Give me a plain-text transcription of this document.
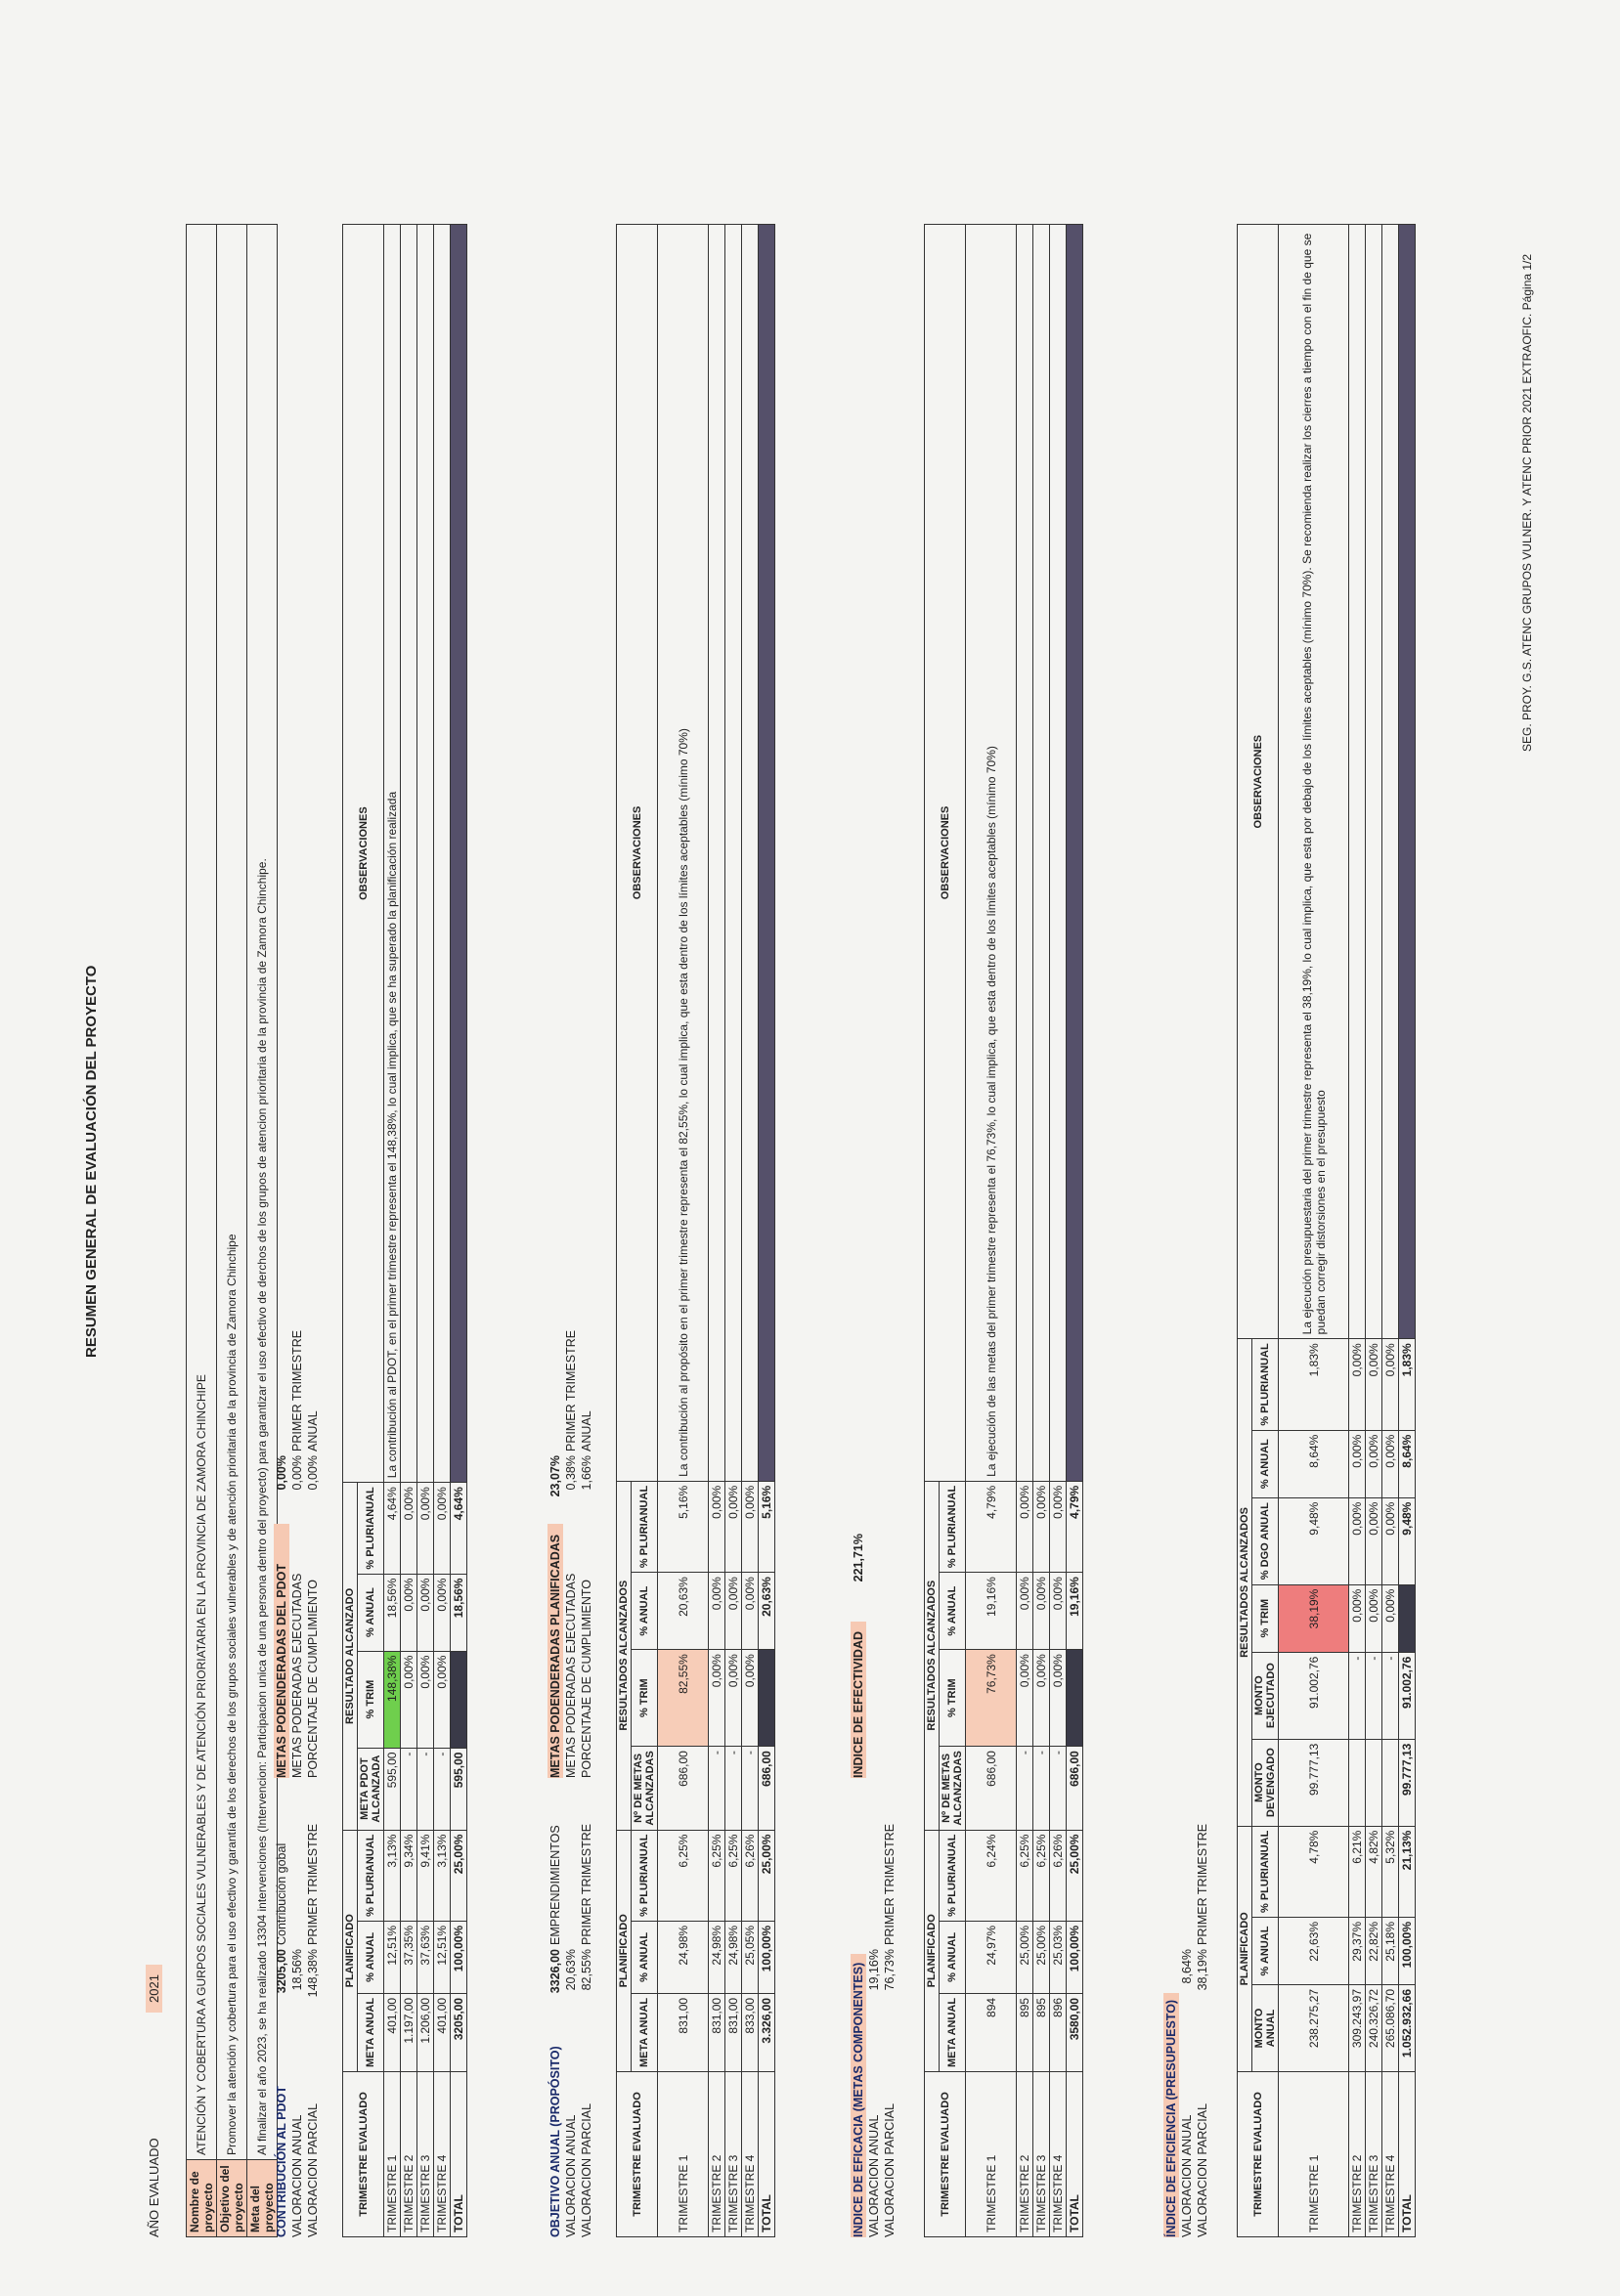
RESUMEN GENERAL DE EVALUACIÓN DEL PROYECTO
AÑO EVALUADO2021
Nombre de proyecto	ATENCIÓN Y COBERTURA A GURPOS SOCIALES VULNERABLES Y DE ATENCIÓN PRIORIATARIA EN LA PROVINCIA DE ZAMORA CHINCHIPE
Objetivo del proyecto	Promover la atención y cobertura para el uso efectivo y garantía de los derechos de los grupos sociales vulnerables y de atención prioritaria de la provincia de Zamora Chinchipe
Meta del proyecto	Al finalizar el año 2023, se ha realizado 13304 intervenciones (Intervencion: Participacion unica de una persona dentro del proyecto) para garantizar el uso efectivo de derchos de los grupos de atencion prioritaria de la provincia de Zamora Chinchipe.
CONTRIBUCIÓN AL PDOT
3205,00
Contribución gobal
VALORACION ANUAL
18,56%
VALORACION PARCIAL
148,38%
PRIMER TRIMESTRE
METAS PODENDERADAS DEL PDOT
0,00%
METAS PODERADAS EJECUTADAS
0,00%
PRIMER TRIMESTRE
PORCENTAJE DE CUMPLIMIENTO
0,00%
ANUAL
TRIMESTRE EVALUADO	PLANIFICADO			RESULTADO ALCANZADO				OBSERVACIONES
	META ANUAL	% ANUAL	% PLURIANUAL	META PDOT ALCANZADA	% TRIM	% ANUAL	% PLURIANUAL	
TRIMESTRE 1	401,00	12,51%	3,13%	595,00	148,38%	18,56%	4,64%	La contribución al PDOT, en el primer trimestre representa el 148,38%, lo cual implica, que se ha superado la planificación realizada
TRIMESTRE 2	1.197,00	37,35%	9,34%	-	0,00%	0,00%	0,00%	
TRIMESTRE 3	1.206,00	37,63%	9,41%	-	0,00%	0,00%	0,00%	
TRIMESTRE 4	401,00	12,51%	3,13%	-	0,00%	0,00%	0,00%	
TOTAL	3205,00	100,00%	25,00%	595,00		18,56%	4,64%	
OBJETIVO ANUAL (PROPÓSITO)
3326,00
EMPRENDIMIENTOS
VALORACION ANUAL
20,63%
VALORACION PARCIAL
82,55%
PRIMER TRIMESTRE
METAS PODENDERADAS PLANIFICADAS
23,07%
METAS PODERADAS EJECUTADAS
0,38%
PRIMER TRIMESTRE
PORCENTAJE DE CUMPLIMIENTO
1,66%
ANUAL
TRIMESTRE EVALUADO	PLANIFICADO			RESULTADOS ALCANZADOS				OBSERVACIONES
	META ANUAL	% ANUAL	% PLURIANUAL	Nº DE METAS ALCANZADAS	% TRIM	% ANUAL	% PLURIANUAL	
TRIMESTRE 1	831,00	24,98%	6,25%	686,00	82,55%	20,63%	5,16%	La contribución al propósito en el primer trimestre representa el 82,55%, lo cual implica, que esta dentro de los límites aceptables (mínimo 70%)
TRIMESTRE 2	831,00	24,98%	6,25%	-	0,00%	0,00%	0,00%	
TRIMESTRE 3	831,00	24,98%	6,25%	-	0,00%	0,00%	0,00%	
TRIMESTRE 4	833,00	25,05%	6,26%	-	0,00%	0,00%	0,00%	
TOTAL	3.326,00	100,00%	25,00%	686,00		20,63%	5,16%	
INDICE DE EFICACIA (METAS COMPONENTES) VALORACION ANUAL
19,16%
VALORACION PARCIAL
76,73%
PRIMER TRIMESTRE
INDICE DE EFECTIVIDAD
221,71%
TRIMESTRE EVALUADO	PLANIFICADO			RESULTADOS ALCANZADOS				OBSERVACIONES
	META ANUAL	% ANUAL	% PLURIANUAL	Nº DE METAS ALCANZADAS	% TRIM	% ANUAL	% PLURIANUAL	
TRIMESTRE 1	894	24,97%	6,24%	686,00	76,73%	19,16%	4,79%	La ejecución de las metas del primer trimestre representa el 76,73%, lo cual implica, que esta dentro de los límites aceptables (mínimo 70%)
TRIMESTRE 2	895	25,00%	6,25%	-	0,00%	0,00%	0,00%	
TRIMESTRE 3	895	25,00%	6,25%	-	0,00%	0,00%	0,00%	
TRIMESTRE 4	896	25,03%	6,26%	-	0,00%	0,00%	0,00%	
TOTAL	3580,00	100,00%	25,00%	686,00		19,16%	4,79%	
ÍNDICE DE EFICIENCIA (PRESUPUESTO) VALORACION ANUAL
8,64%
VALORACION PARCIAL
38,19%
PRIMER TRIMESTRE
TRIMESTRE EVALUADO	PLANIFICADO			RESULTADOS ALCANZADOS						OBSERVACIONES
	MONTO ANUAL	% ANUAL	% PLURIANUAL	MONTO DEVENGADO	MONTO EJECUTADO	% TRIM	% DGO ANUAL	% ANUAL	% PLURIANUAL	
TRIMESTRE 1	238.275,27	22,63%	4,78%	99.777,13	91.002,76	38,19%	9,48%	8,64%	1,83%	La ejecución presupuestaria del primer trimestre representa el 38,19%, lo cual implica, que esta por debajo de los límites aceptables (mínimo 70%). Se recomienda realizar los cierres a tiempo con el fin de que se puedan corregir distorsiones en el presupuesto
TRIMESTRE 2	309.243,97	29,37%	6,21%		-	0,00%	0,00%	0,00%	0,00%	
TRIMESTRE 3	240.326,72	22,82%	4,82%		-	0,00%	0,00%	0,00%	0,00%	
TRIMESTRE 4	265.086,70	25,18%	5,32%		-	0,00%	0,00%	0,00%	0,00%	
TOTAL	1.052.932,66	100,00%	21,13%	99.777,13	91.002,76		9,48%	8,64%	1,83%	
SEG. PROY. G.S. ATENC GRUPOS VULNER. Y ATENC PRIOR 2021 EXTRAOFIC. Página 1/2
